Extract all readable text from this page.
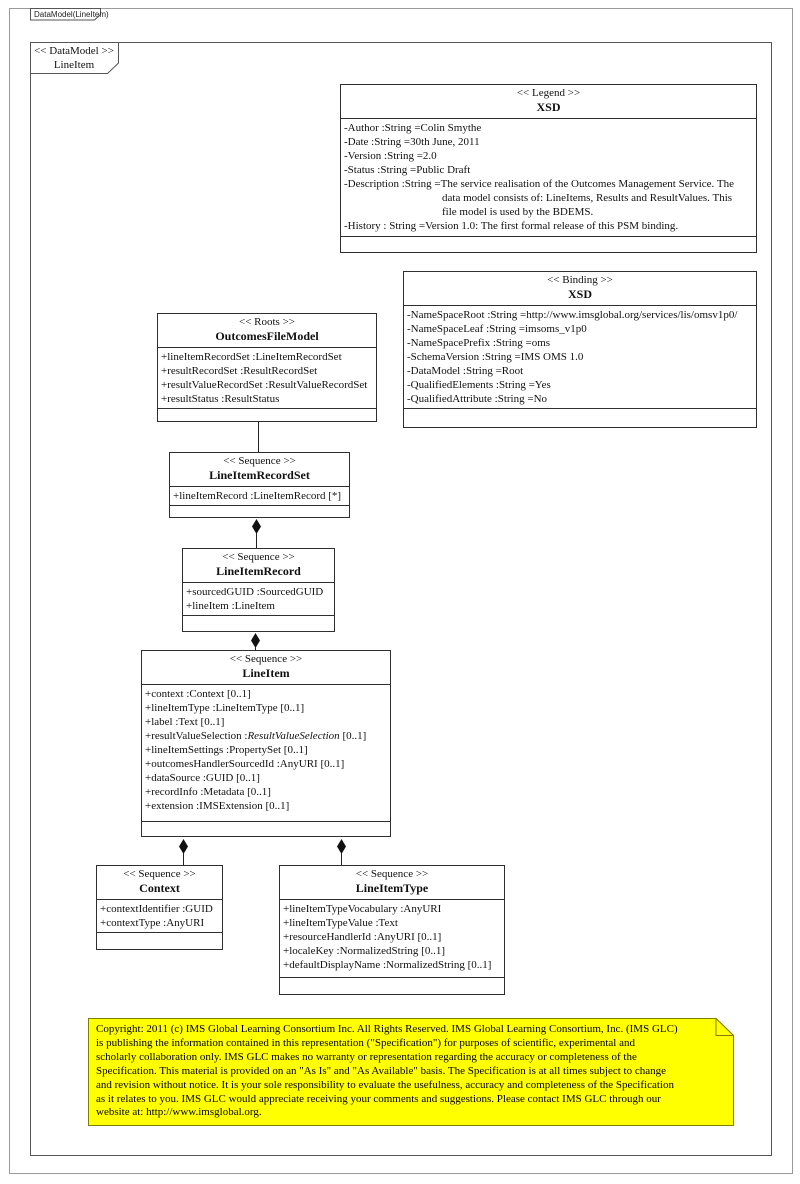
DataModel(LineItem)
<< DataModel >>
LineItem
<< Legend >>
XSD
-Author :String =Colin Smythe
-Date :String =30th June, 2011
-Version :String =2.0
-Status :String =Public Draft
-Description :String =The service realisation of the Outcomes Management Service. The
data model consists of: LineItems, Results and ResultValues. This
file model is used by the BDEMS.
-History : String =Version 1.0: The first formal release of this PSM binding.
<< Binding >>
XSD
-NameSpaceRoot :String =http://www.imsglobal.org/services/lis/omsv1p0/
-NameSpaceLeaf :String =imsoms_v1p0
-NameSpacePrefix :String =oms
-SchemaVersion :String =IMS OMS 1.0
-DataModel :String =Root
-QualifiedElements :String =Yes
-QualifiedAttribute :String =No
<< Roots >>
OutcomesFileModel
+lineItemRecordSet :LineItemRecordSet
+resultRecordSet :ResultRecordSet
+resultValueRecordSet :ResultValueRecordSet
+resultStatus :ResultStatus
<< Sequence >>
LineItemRecordSet
+lineItemRecord :LineItemRecord [*]
<< Sequence >>
LineItemRecord
+sourcedGUID :SourcedGUID
+lineItem :LineItem
<< Sequence >>
LineItem
+context :Context [0..1]
+lineItemType :LineItemType [0..1]
+label :Text [0..1]
+resultValueSelection :ResultValueSelection [0..1]
+lineItemSettings :PropertySet [0..1]
+outcomesHandlerSourcedId :AnyURI [0..1]
+dataSource :GUID [0..1]
+recordInfo :Metadata [0..1]
+extension :IMSExtension [0..1]
<< Sequence >>
Context
+contextIdentifier :GUID
+contextType :AnyURI
<< Sequence >>
LineItemType
+lineItemTypeVocabulary :AnyURI
+lineItemTypeValue :Text
+resourceHandlerId :AnyURI [0..1]
+localeKey :NormalizedString [0..1]
+defaultDisplayName :NormalizedString [0..1]
Copyright: 2011 (c) IMS Global Learning Consortium Inc. All Rights Reserved. IMS Global Learning Consortium, Inc. (IMS GLC)
is publishing the information contained in this representation ("Specification") for purposes of scientific, experimental and
scholarly collaboration only. IMS GLC makes no warranty or representation regarding the accuracy or completeness of the
Specification. This material is provided on an "As Is" and "As Available" basis. The Specification is at all times subject to change
and revision without notice. It is your sole responsibility to evaluate the usefulness, accuracy and completeness of the Specification
as it relates to you. IMS GLC would appreciate receiving your comments and suggestions. Please contact IMS GLC through our
website at: http://www.imsglobal.org.
